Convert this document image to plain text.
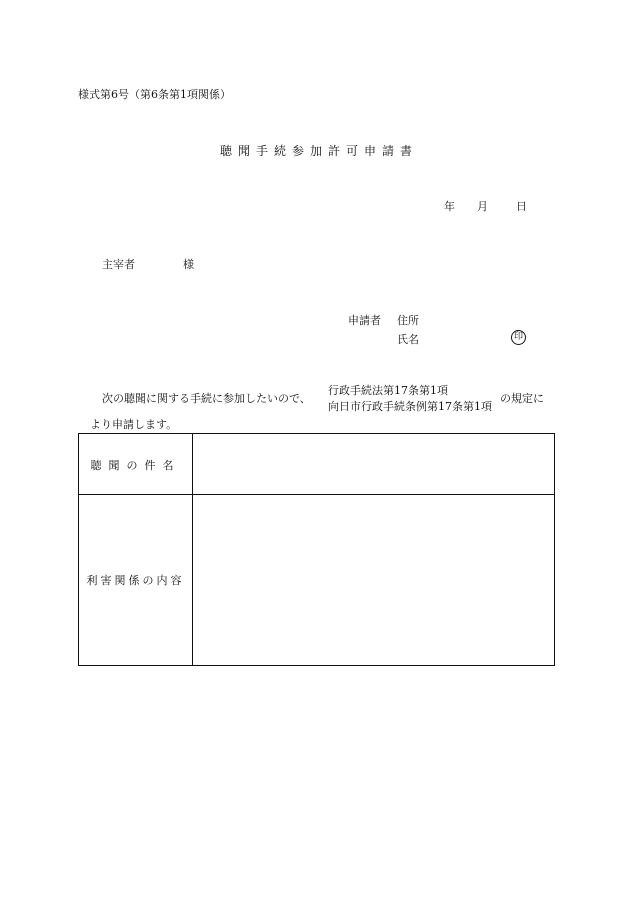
様式第6号（第6条第1項関係）
聴聞手続参加許可申請書
年 月	日
主宰者	様
申請者 住所
氏名	印
次の聴聞に関する手続に参加したいので、
行政手続法第17条第1項
向日市行政手続条例第17条第1項
の規定に
より申請します。
聴聞の件名
利害関係の内容
